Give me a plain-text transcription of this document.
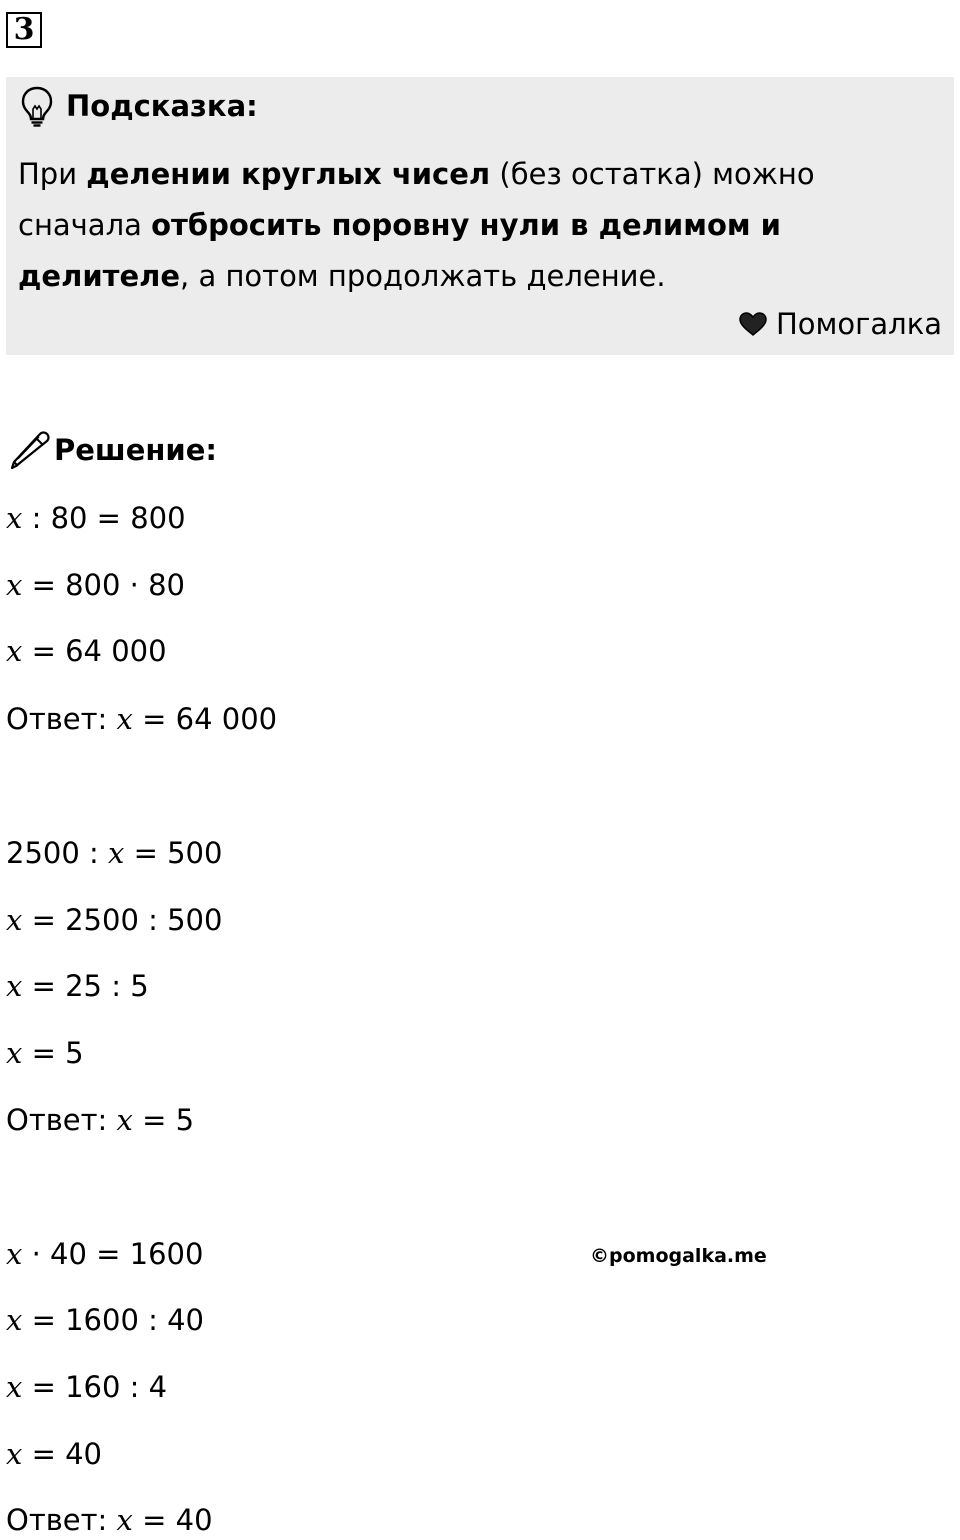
3
Подсказка:
При делении круглых чисел (без остатка) можно сначала отбросить поровну нули в делимом и делителе, а потом продолжать деление.
Помогалка
Решение:
x : 80 = 800
x = 800 · 80
x = 64 000
Ответ: x = 64 000
2500 : x = 500
x = 2500 : 500
x = 25 : 5
x = 5
Ответ: x = 5
x · 40 = 1600
x = 1600 : 40
x = 160 : 4
x = 40
Ответ: x = 40
©pomogalka.me
